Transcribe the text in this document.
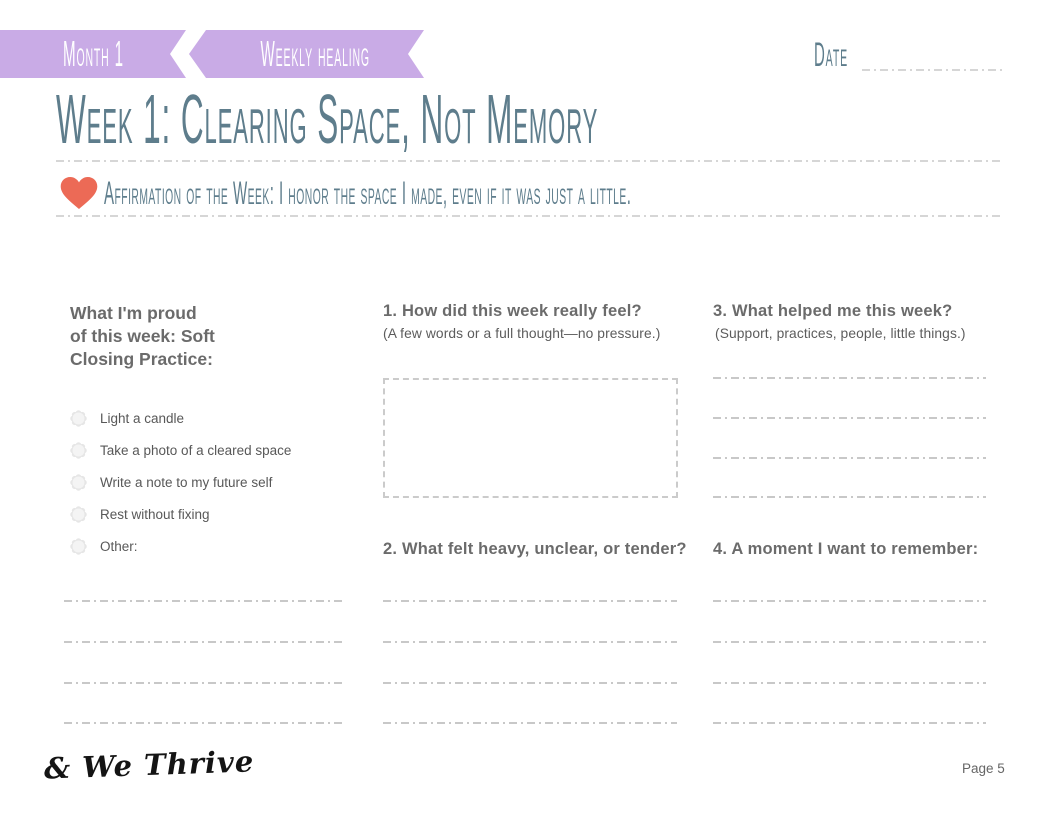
Month 1	Weekly healing	Date
Week 1: Clearing Space, Not Memory
Affirmation of the Week: I honor the space I made, even if it was just a little.
What I'm proud
of this week: Soft
Closing Practice:
Light a candle
Take a photo of a cleared space
Write a note to my future self
Rest without fixing
Other:
1. How did this week really feel?
(A few words or a full thought—no pressure.)
2. What felt heavy, unclear, or tender?
3. What helped me this week?
(Support, practices, people, little things.)
4. A moment I want to remember:
& We Thrive	Page 5
